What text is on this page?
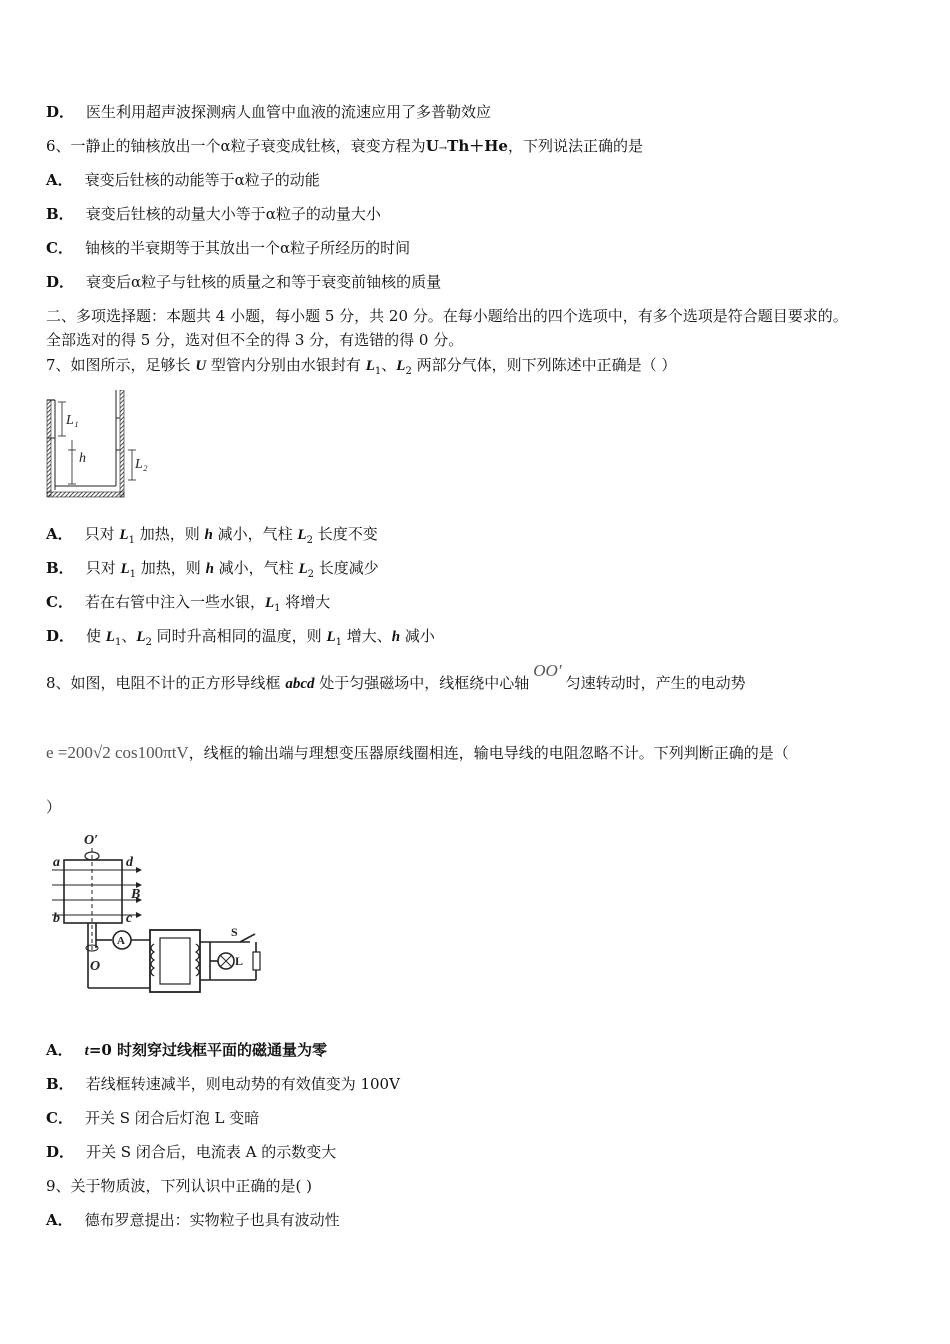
D． 医生利用超声波探测病人血管中血液的流速应用了多普勒效应
6、一静止的铀核放出一个α粒子衰变成钍核，衰变方程为U→Th＋He，下列说法正确的是
A． 衰变后钍核的动能等于α粒子的动能
B． 衰变后钍核的动量大小等于α粒子的动量大小
C． 铀核的半衰期等于其放出一个α粒子所经历的时间
D． 衰变后α粒子与钍核的质量之和等于衰变前铀核的质量
二、多项选择题：本题共 4 小题，每小题 5 分，共 20 分。在每小题给出的四个选项中，有多个选项是符合题目要求的。
全部选对的得 5 分，选对但不全的得 3 分，有选错的得 0 分。
7、如图所示，足够长 U 型管内分别由水银封有 $L_1$、$L_2$ 两部分气体，则下列陈述中正确是（ ）
L₁
h	L₂
A． 只对 $L_1$ 加热，则 h 减小，气柱 $L_2$ 长度不变
B． 只对 $L_1$ 加热，则 h 减小，气柱 $L_2$ 长度减少
C． 若在右管中注入一些水银，$L_1$ 将增大
D． 使 $L_1$、$L_2$ 同时升高相同的温度，则 $L_1$ 增大、h 减小
8、如图，电阻不计的正方形导线框 abcd 处于匀强磁场中，线框绕中心轴OO′匀速转动时，产生的电动势
e =200√2 cos100πtV，线框的输出端与理想变压器原线圈相连，输电导线的电阻忽略不计。下列判断正确的是（
）
O′
a	d
B
b	c
A
S
L
O
A． t=0 时刻穿过线框平面的磁通量为零
B． 若线框转速减半，则电动势的有效值变为 100V
C． 开关 S 闭合后灯泡 L 变暗
D． 开关 S 闭合后，电流表 A 的示数变大
9、关于物质波，下列认识中正确的是( )
A． 德布罗意提出：实物粒子也具有波动性
